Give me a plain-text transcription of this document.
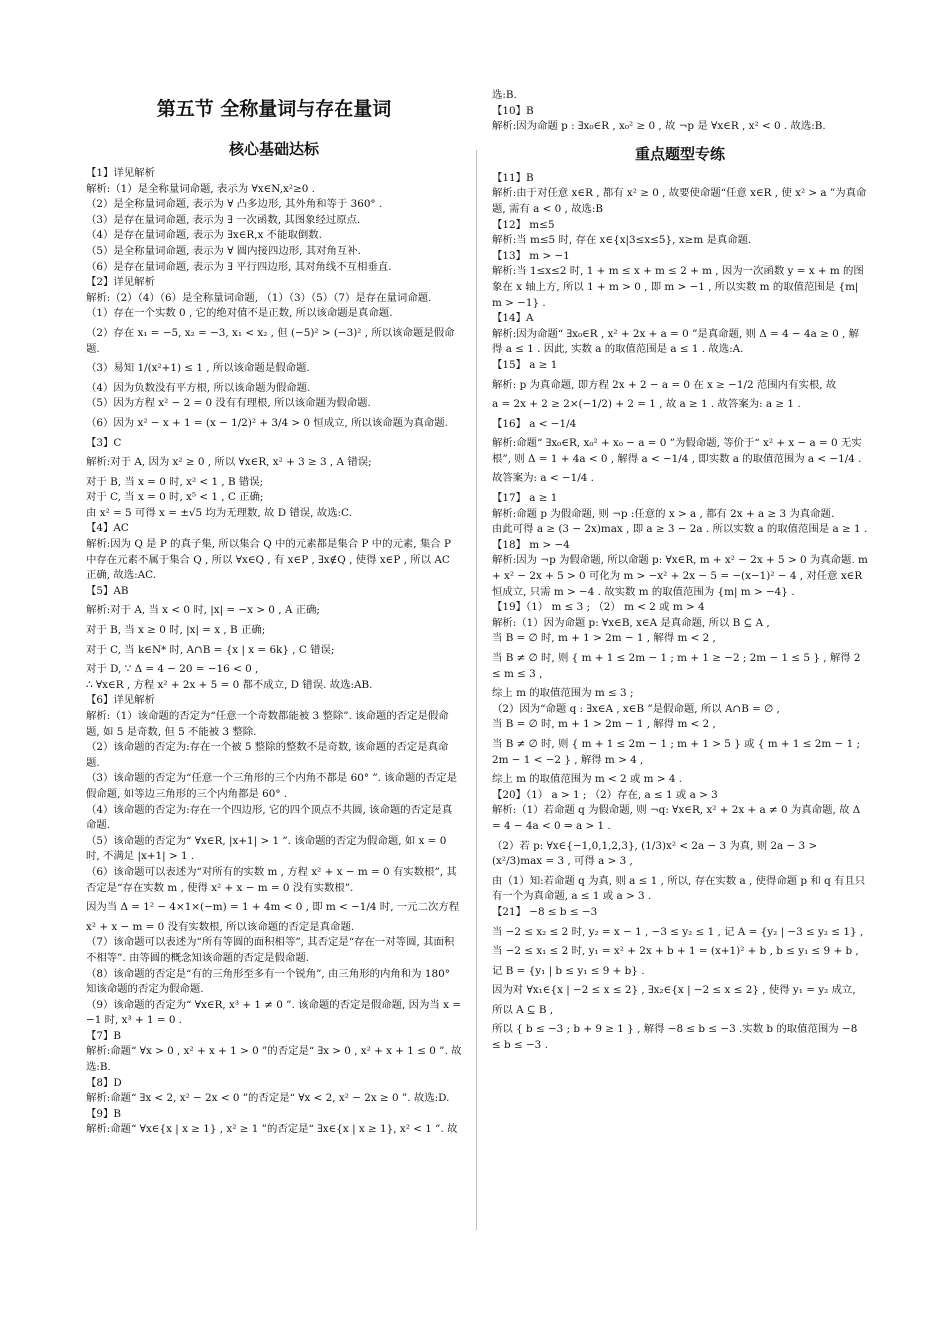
第五节 全称量词与存在量词
核心基础达标
【1】详见解析
解析:（1）是全称量词命题, 表示为 ∀x∈N,x²≥0 .
（2）是全称量词命题, 表示为 ∀ 凸多边形, 其外角和等于 360° .
（3）是存在量词命题, 表示为 ∃ 一次函数, 其图象经过原点.
（4）是存在量词命题, 表示为 ∃x∈R,x 不能取倒数.
（5）是全称量词命题, 表示为 ∀ 圆内接四边形, 其对角互补.
（6）是存在量词命题, 表示为 ∃ 平行四边形, 其对角线不互相垂直.
【2】详见解析
解析:（2）（4）（6）是全称量词命题, （1）（3）（5）（7）是存在量词命题.
（1）存在一个实数 0 , 它的绝对值不是正数, 所以该命题是真命题.
（2）存在 x₁ = −5, x₂ = −3, x₁ < x₂ , 但 (−5)² > (−3)² , 所以该命题是假命题.
（3）易知 1/(x²+1) ≤ 1 , 所以该命题是假命题.
（4）因为负数没有平方根, 所以该命题为假命题.
（5）因为方程 x² − 2 = 0 没有有理根, 所以该命题为假命题.
（6）因为 x² − x + 1 = (x − 1/2)² + 3/4 > 0 恒成立, 所以该命题为真命题.
【3】C
解析:对于 A, 因为 x² ≥ 0 , 所以 ∀x∈R, x² + 3 ≥ 3 , A 错误;
对于 B, 当 x = 0 时, x² < 1 , B 错误;
对于 C, 当 x = 0 时, x⁵ < 1 , C 正确;
由 x² = 5 可得 x = ±√5 均为无理数, 故 D 错误, 故选:C.
【4】AC
解析:因为 Q 是 P 的真子集, 所以集合 Q 中的元素都是集合 P 中的元素, 集合 P 中存在元素不属于集合 Q , 所以 ∀x∈Q , 有 x∈P , ∃x∉Q , 使得 x∈P , 所以 AC 正确, 故选:AC.
【5】AB
解析:对于 A, 当 x < 0 时, |x| = −x > 0 , A 正确;
对于 B, 当 x ≥ 0 时, |x| = x , B 正确;
对于 C, 当 k∈N* 时, A∩B = {x | x = 6k} , C 错误;
对于 D, ∵ Δ = 4 − 20 = −16 < 0 ,
∴ ∀x∈R , 方程 x² + 2x + 5 = 0 都不成立, D 错误. 故选:AB.
【6】详见解析
解析:（1）该命题的否定为“任意一个奇数都能被 3 整除”. 该命题的否定是假命题, 如 5 是奇数, 但 5 不能被 3 整除.
（2）该命题的否定为:存在一个被 5 整除的整数不是奇数, 该命题的否定是真命题.
（3）该命题的否定为“任意一个三角形的三个内角不都是 60° ”. 该命题的否定是假命题, 如等边三角形的三个内角都是 60° .
（4）该命题的否定为:存在一个四边形, 它的四个顶点不共圆, 该命题的否定是真命题.
（5）该命题的否定为“ ∀x∈R, |x+1| > 1 ”. 该命题的否定为假命题, 如 x = 0 时, 不满足 |x+1| > 1 .
（6）该命题可以表述为“对所有的实数 m , 方程 x² + x − m = 0 有实数根”, 其否定是“存在实数 m , 使得 x² + x − m = 0 没有实数根”.
因为当 Δ = 1² − 4×1×(−m) = 1 + 4m < 0 , 即 m < −1/4 时, 一元二次方程
x² + x − m = 0 没有实数根, 所以该命题的否定是真命题.
（7）该命题可以表述为“所有等圆的面积相等”, 其否定是“存在一对等圆, 其面积不相等”. 由等圆的概念知该命题的否定是假命题.
（8）该命题的否定是“有的三角形至多有一个锐角”, 由三角形的内角和为 180° 知该命题的否定为假命题.
（9）该命题的否定为“ ∀x∈R, x³ + 1 ≠ 0 ”. 该命题的否定是假命题, 因为当 x = −1 时, x³ + 1 = 0 .
【7】B
解析:命题“ ∀x > 0 , x² + x + 1 > 0 ”的否定是“ ∃x > 0 , x² + x + 1 ≤ 0 ”. 故选:B.
【8】D
解析:命题“ ∃x < 2, x² − 2x < 0 ”的否定是“ ∀x < 2, x² − 2x ≥ 0 ”. 故选:D.
【9】B
解析:命题“ ∀x∈{x | x ≥ 1} , x² ≥ 1 ”的否定是“ ∃x∈{x | x ≥ 1}, x² < 1 ”. 故
选:B.
【10】B
解析:因为命题 p : ∃x₀∈R , x₀² ≥ 0 , 故 ¬p 是 ∀x∈R , x² < 0 . 故选:B.
重点题型专练
【11】B
解析:由于对任意 x∈R , 都有 x² ≥ 0 , 故要使命题“任意 x∈R , 使 x² > a ”为真命题, 需有 a < 0 , 故选:B
【12】 m≤5
解析:当 m≤5 时, 存在 x∈{x|3≤x≤5}, x≥m 是真命题.
【13】 m > −1
解析:当 1≤x≤2 时, 1 + m ≤ x + m ≤ 2 + m , 因为一次函数 y = x + m 的图象在 x 轴上方, 所以 1 + m > 0 , 即 m > −1 , 所以实数 m 的取值范围是 {m| m > −1} .
【14】A
解析:因为命题“ ∃x₀∈R , x² + 2x + a = 0 ”是真命题, 则 Δ = 4 − 4a ≥ 0 , 解得 a ≤ 1 . 因此, 实数 a 的取值范围是 a ≤ 1 . 故选:A.
【15】 a ≥ 1
解析: p 为真命题, 即方程 2x + 2 − a = 0 在 x ≥ −1/2 范围内有实根, 故
a = 2x + 2 ≥ 2×(−1/2) + 2 = 1 , 故 a ≥ 1 . 故答案为: a ≥ 1 .
【16】 a < −1/4
解析:命题“ ∃x₀∈R, x₀² + x₀ − a = 0 ”为假命题, 等价于“ x² + x − a = 0 无实根”, 则 Δ = 1 + 4a < 0 , 解得 a < −1/4 , 即实数 a 的取值范围为 a < −1/4 .
故答案为: a < −1/4 .
【17】 a ≥ 1
解析:命题 p 为假命题, 则 ¬p :任意的 x > a , 都有 2x + a ≥ 3 为真命题.
由此可得 a ≥ (3 − 2x)max , 即 a ≥ 3 − 2a . 所以实数 a 的取值范围是 a ≥ 1 .
【18】 m > −4
解析:因为 ¬p 为假命题, 所以命题 p: ∀x∈R, m + x² − 2x + 5 > 0 为真命题. m + x² − 2x + 5 > 0 可化为 m > −x² + 2x − 5 = −(x−1)² − 4 , 对任意 x∈R 恒成立, 只需 m > −4 . 故实数 m 的取值范围为 {m| m > −4} .
【19】（1） m ≤ 3 ; （2） m < 2 或 m > 4
解析:（1）因为命题 p: ∀x∈B, x∈A 是真命题, 所以 B ⊆ A ,
当 B = ∅ 时, m + 1 > 2m − 1 , 解得 m < 2 ,
当 B ≠ ∅ 时, 则 { m + 1 ≤ 2m − 1 ; m + 1 ≥ −2 ; 2m − 1 ≤ 5 } , 解得 2 ≤ m ≤ 3 ,
综上 m 的取值范围为 m ≤ 3 ;
（2）因为“命题 q : ∃x∈A , x∈B ”是假命题, 所以 A∩B = ∅ ,
当 B = ∅ 时, m + 1 > 2m − 1 , 解得 m < 2 ,
当 B ≠ ∅ 时, 则 { m + 1 ≤ 2m − 1 ; m + 1 > 5 } 或 { m + 1 ≤ 2m − 1 ; 2m − 1 < −2 } , 解得 m > 4 ,
综上 m 的取值范围为 m < 2 或 m > 4 .
【20】（1） a > 1 ; （2）存在, a ≤ 1 或 a > 3
解析:（1）若命题 q 为假命题, 则 ¬q: ∀x∈R, x² + 2x + a ≠ 0 为真命题, 故 Δ = 4 − 4a < 0 ⇒ a > 1 .
（2）若 p: ∀x∈{−1,0,1,2,3}, (1/3)x² < 2a − 3 为真, 则 2a − 3 > (x²/3)max = 3 , 可得 a > 3 ,
由（1）知:若命题 q 为真, 则 a ≤ 1 , 所以, 存在实数 a , 使得命题 p 和 q 有且只有一个为真命题, a ≤ 1 或 a > 3 .
【21】 −8 ≤ b ≤ −3
当 −2 ≤ x₂ ≤ 2 时, y₂ = x − 1 , −3 ≤ y₂ ≤ 1 , 记 A = {y₂ | −3 ≤ y₂ ≤ 1} ,
当 −2 ≤ x₁ ≤ 2 时, y₁ = x² + 2x + b + 1 = (x+1)² + b , b ≤ y₁ ≤ 9 + b ,
记 B = {y₁ | b ≤ y₁ ≤ 9 + b} .
因为对 ∀x₁∈{x | −2 ≤ x ≤ 2} , ∃x₂∈{x | −2 ≤ x ≤ 2} , 使得 y₁ = y₂ 成立,
所以 A ⊆ B ,
所以 { b ≤ −3 ; b + 9 ≥ 1 } , 解得 −8 ≤ b ≤ −3 .实数 b 的取值范围为 −8 ≤ b ≤ −3 .
